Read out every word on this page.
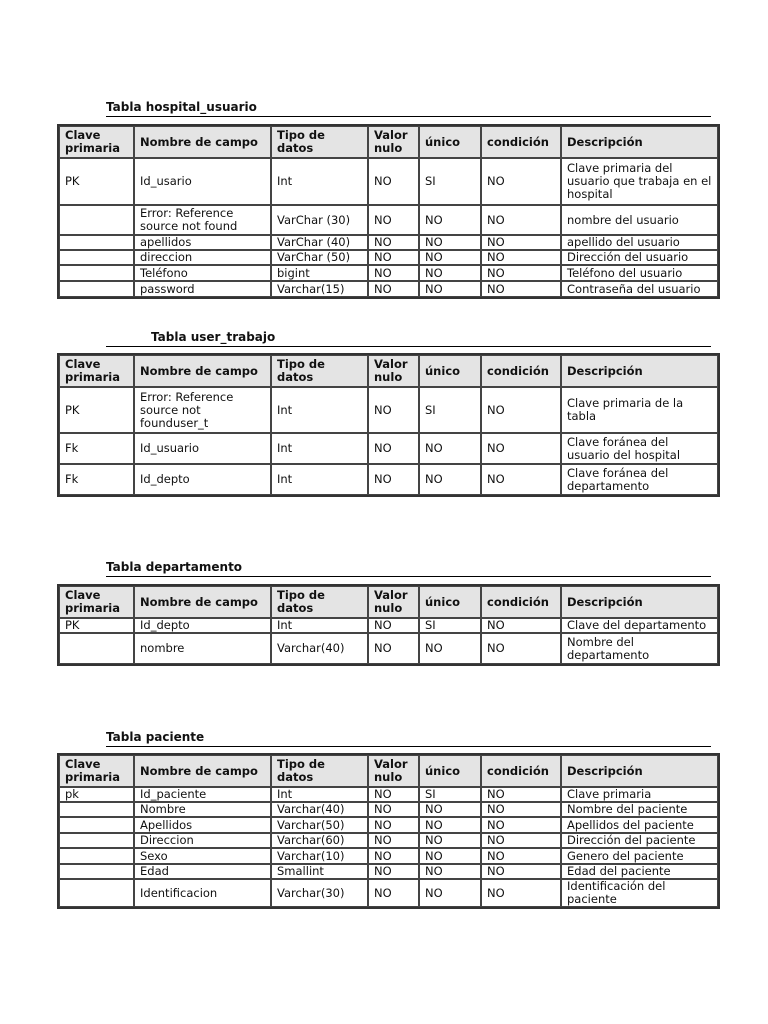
Tabla hospital_usuario
Clave primaria	Nombre de campo	Tipo de datos	Valor nulo	único	condición	Descripción
PK	Id_usario	Int	NO	SI	NO	Clave primaria del usuario que trabaja en el hospital
	Error: Reference source not found	VarChar (30)	NO	NO	NO	nombre del usuario
	apellidos	VarChar (40)	NO	NO	NO	apellido del usuario
	direccion	VarChar (50)	NO	NO	NO	Dirección del usuario
	Teléfono	bigint	NO	NO	NO	Teléfono del usuario
	password	Varchar(15)	NO	NO	NO	Contraseña del usuario
Tabla user_trabajo
Clave primaria	Nombre de campo	Tipo de datos	Valor nulo	único	condición	Descripción
PK	Error: Reference source not founduser_t	Int	NO	SI	NO	Clave primaria de la tabla
Fk	Id_usuario	Int	NO	NO	NO	Clave foránea del usuario del hospital
Fk	Id_depto	Int	NO	NO	NO	Clave foránea del departamento
Tabla departamento
Clave primaria	Nombre de campo	Tipo de datos	Valor nulo	único	condición	Descripción
PK	Id_depto	Int	NO	SI	NO	Clave del departamento
	nombre	Varchar(40)	NO	NO	NO	Nombre del departamento
Tabla paciente
Clave primaria	Nombre de campo	Tipo de datos	Valor nulo	único	condición	Descripción
pk	Id_paciente	Int	NO	SI	NO	Clave primaria
	Nombre	Varchar(40)	NO	NO	NO	Nombre del paciente
	Apellidos	Varchar(50)	NO	NO	NO	Apellidos del paciente
	Direccion	Varchar(60)	NO	NO	NO	Dirección del paciente
	Sexo	Varchar(10)	NO	NO	NO	Genero del paciente
	Edad	Smallint	NO	NO	NO	Edad del paciente
	Identificacion	Varchar(30)	NO	NO	NO	Identificación del paciente
